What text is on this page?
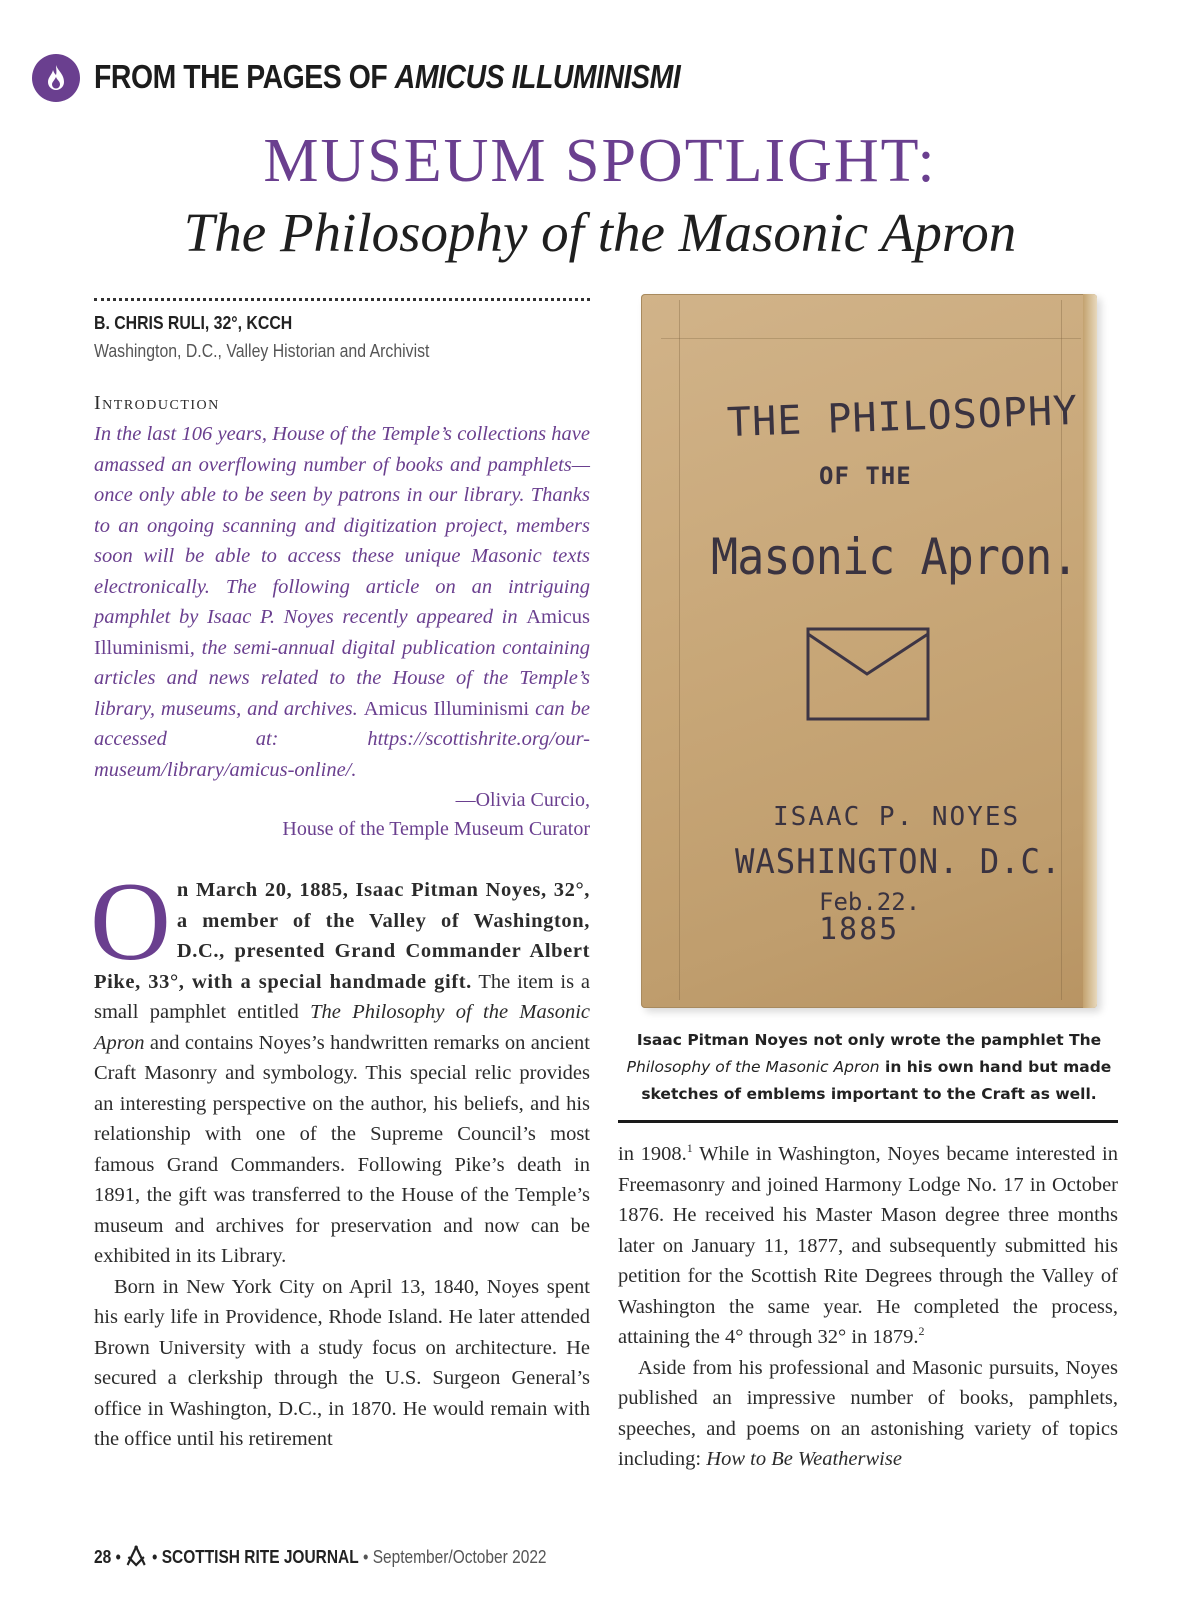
FROM THE PAGES OF AMICUS ILLUMINISMI
MUSEUM SPOTLIGHT:
The Philosophy of the Masonic Apron
B. CHRIS RULI, 32°, KCCH
Washington, D.C., Valley Historian and Archivist
Introduction
In the last 106 years, House of the Temple’s collections have amassed an overflowing number of books and pamphlets—once only able to be seen by patrons in our library. Thanks to an ongoing scanning and digitization project, members soon will be able to access these unique Masonic texts electronically. The following article on an intriguing pamphlet by Isaac P. Noyes recently appeared in Amicus Illuminismi, the semi-annual digital publication containing articles and news related to the House of the Temple’s library, museums, and archives. Amicus Illuminismi can be accessed at: https://scottishrite.org/our-museum/library/amicus-online/.
—Olivia Curcio,
House of the Temple Museum Curator

On March 20, 1885, Isaac Pitman Noyes, 32°, a member of the Valley of Washington, D.C., presented Grand Commander Albert Pike, 33°, with a special handmade gift. The item is a small pamphlet entitled The Philosophy of the Masonic Apron and contains Noyes’s handwritten remarks on ancient Craft Masonry and symbology. This special relic provides an interesting perspective on the author, his beliefs, and his relationship with one of the Supreme Council’s most famous Grand Commanders. Following Pike’s death in 1891, the gift was transferred to the House of the Temple’s museum and archives for preservation and now can be exhibited in its Library.

Born in New York City on April 13, 1840, Noyes spent his early life in Providence, Rhode Island. He later attended Brown University with a study focus on architecture. He secured a clerkship through the U.S. Surgeon General’s office in Washington, D.C., in 1870. He would remain with the office until his retirement

THE PHILOSOPHY
OF THE
Masonic Apron.
ISAAC P. NOYES
WASHINGTON. D.C.
Feb.22.
1885
Isaac Pitman Noyes not only wrote the pamphlet The Philosophy of the Masonic Apron in his own hand but made sketches of emblems important to the Craft as well.

in 1908.$^1$ While in Washington, Noyes became interested in Freemasonry and joined Harmony Lodge No. 17 in October 1876. He received his Master Mason degree three months later on January 11, 1877, and subsequently submitted his petition for the Scottish Rite Degrees through the Valley of Washington the same year. He completed the process, attaining the 4° through 32° in 1879.$^2$

Aside from his professional and Masonic pursuits, Noyes published an impressive number of books, pamphlets, speeches, and poems on an astonishing variety of topics including: How to Be Weatherwise

28 • • SCOTTISH RITE JOURNAL • September/October 2022
